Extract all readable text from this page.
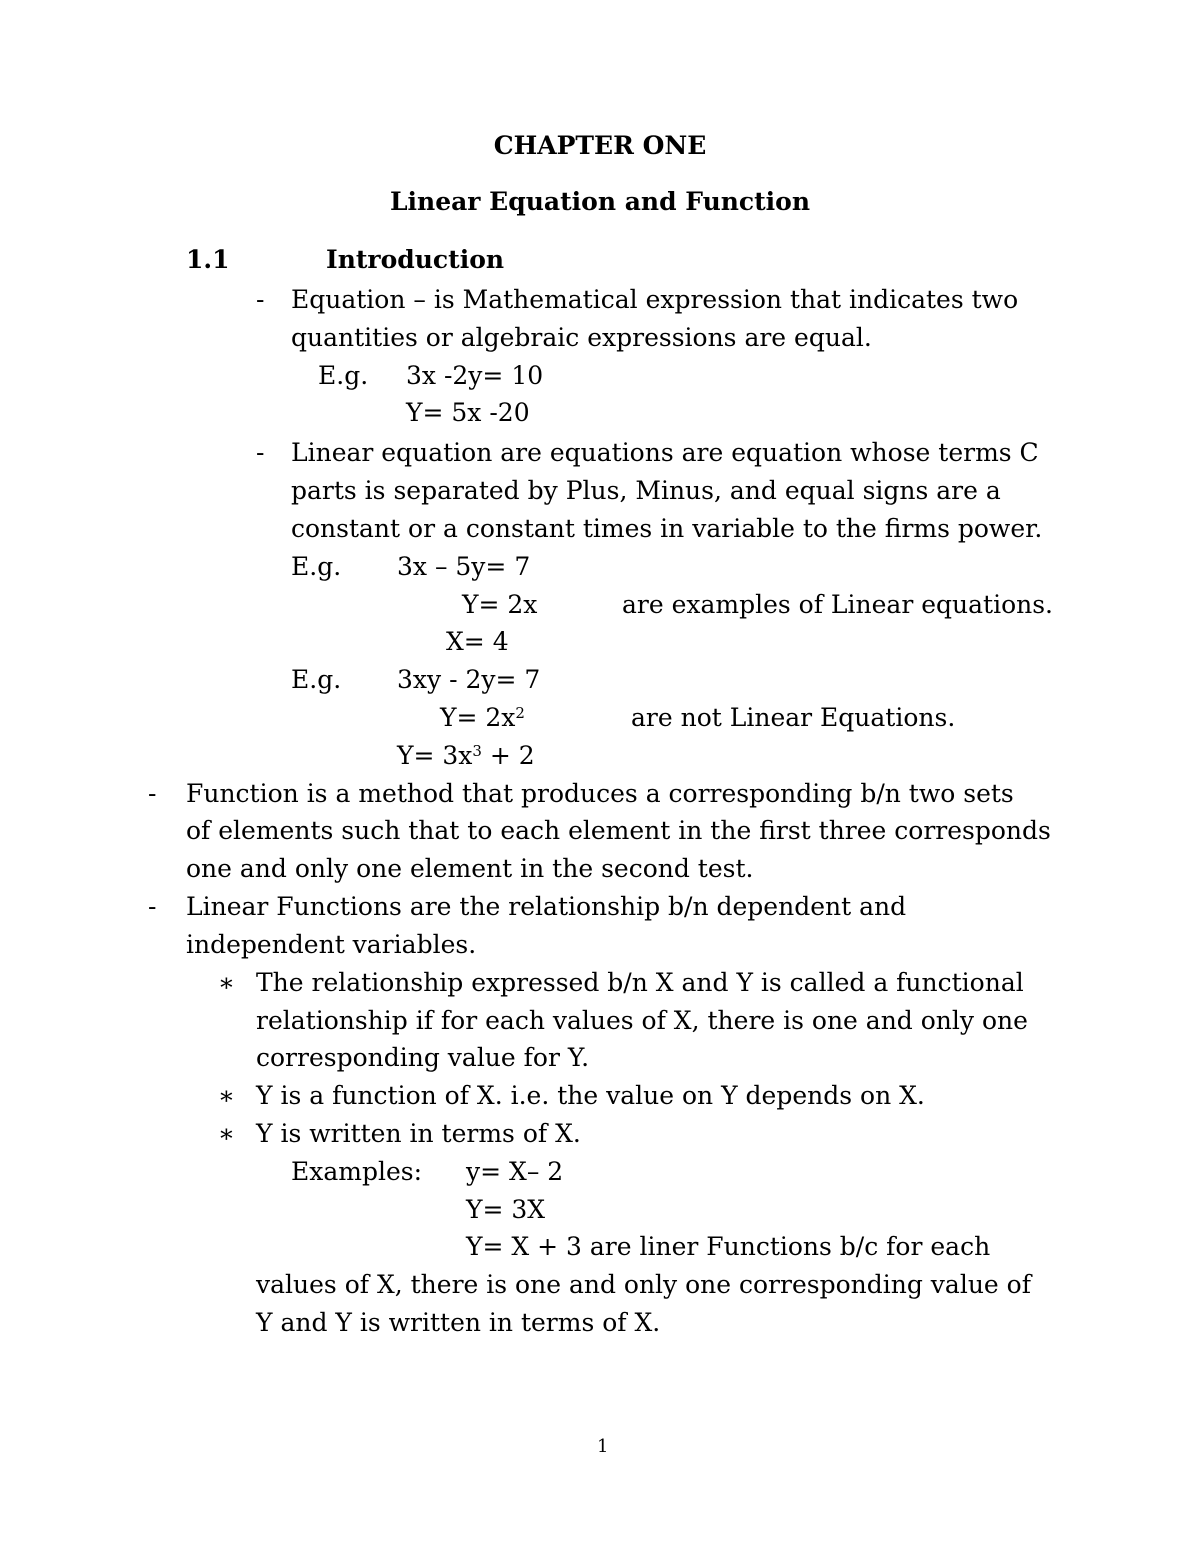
CHAPTER ONE
Linear Equation and Function
1.1	Introduction
- Equation – is Mathematical expression that indicates two
quantities or algebraic expressions are equal.
E.g. 3x -2y= 10
Y= 5x -20
- Linear equation are equations are equation whose terms C
parts is separated by Plus, Minus, and equal signs are a
constant or a constant times in variable to the firms power.
E.g. 3x – 5y= 7
Y= 2x	are examples of Linear equations.
X= 4
E.g. 3xy - 2y= 7
$Y= 2x^2$	are not Linear Equations.
$Y= 3x^3 + 2$
- Function is a method that produces a corresponding b/n two sets
of elements such that to each element in the first three corresponds
one and only one element in the second test.
- Linear Functions are the relationship b/n dependent and
independent variables.
∗ The relationship expressed b/n X and Y is called a functional
relationship if for each values of X, there is one and only one
corresponding value for Y.
∗ Y is a function of X. i.e. the value on Y depends on X.
∗ Y is written in terms of X.
Examples: y= X– 2
Y= 3X
Y= X + 3 are liner Functions b/c for each
values of X, there is one and only one corresponding value of
Y and Y is written in terms of X.
1
